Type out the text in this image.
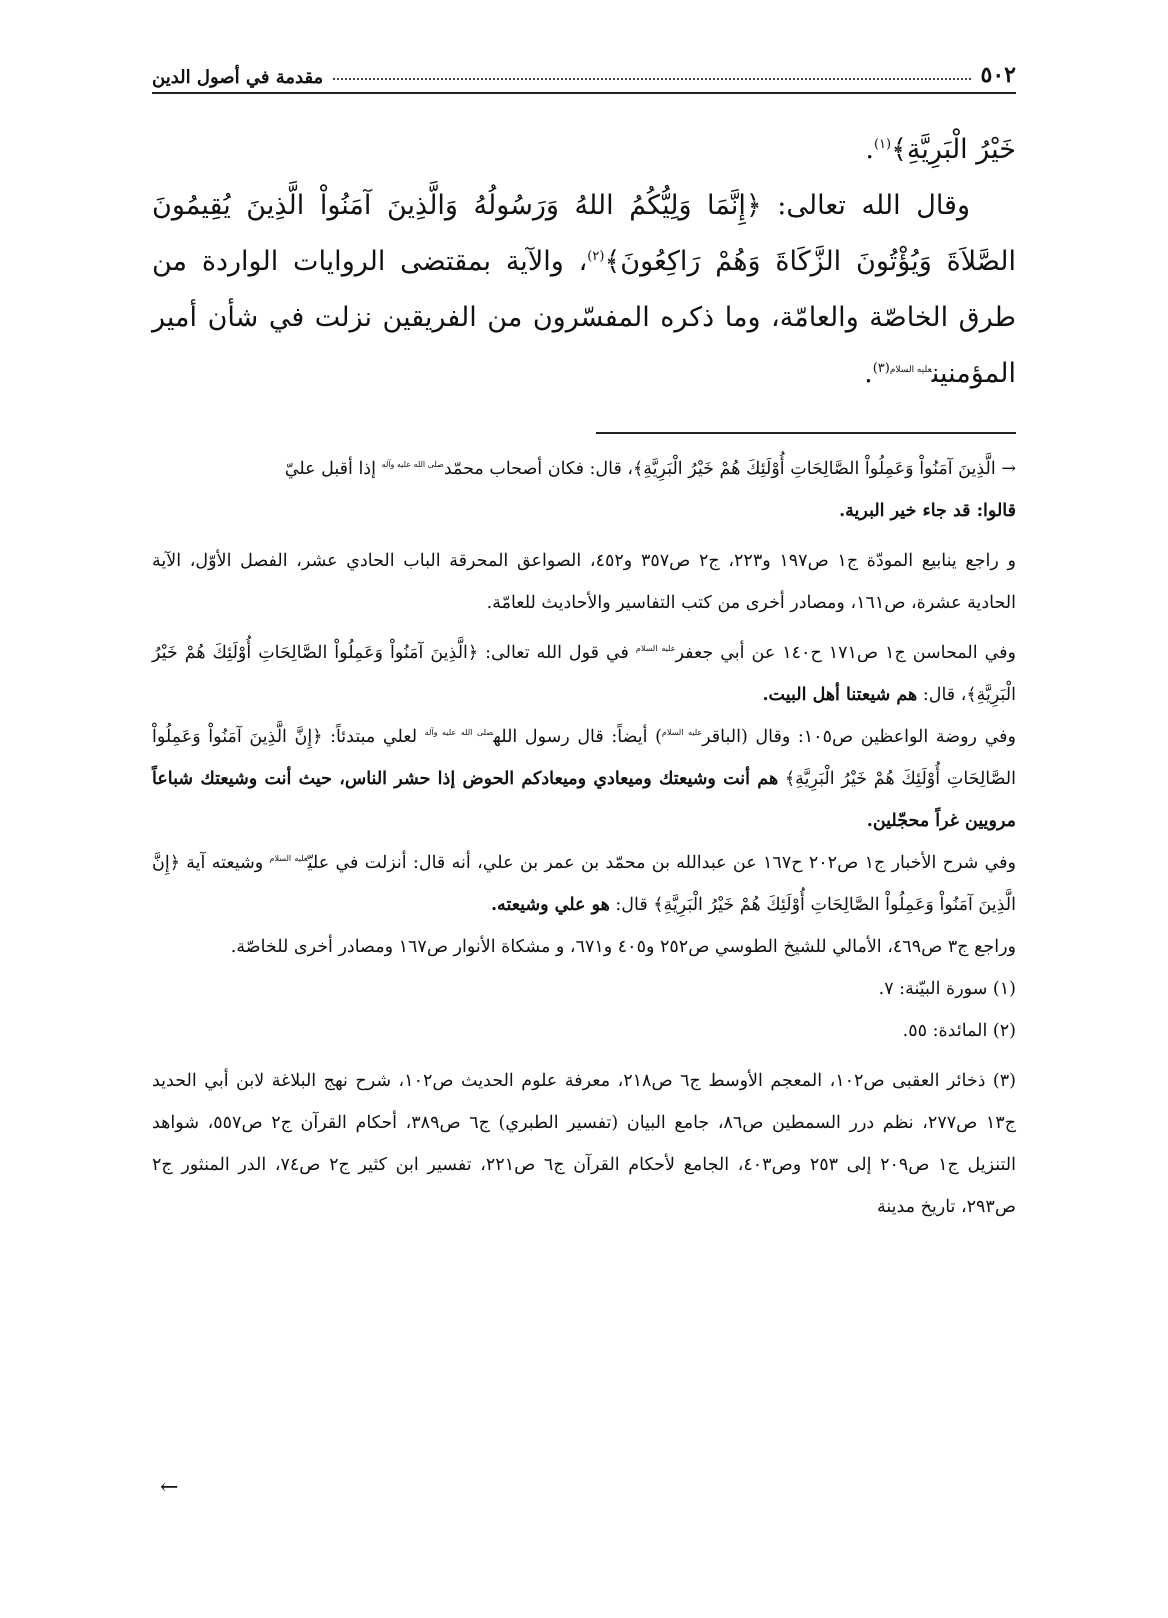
٥٠٢
مقدمة في أصول الدين

خَيْرُ الْبَرِيَّةِ﴾$^{(١)}$.

وقال الله تعالى: ﴿إِنَّمَا وَلِيُّكُمُ اللهُ وَرَسُولُهُ وَالَّذِينَ آمَنُواْ الَّذِينَ يُقِيمُونَ الصَّلاَةَ وَيُؤْتُونَ الزَّكَاةَ وَهُمْ رَاكِعُونَ﴾$^{(٢)}$، والآية بمقتضى الروايات الواردة من طرق الخاصّة والعامّة، وما ذكره المفسّرون من الفريقين نزلت في شأن أمير المؤمنين$^{عليه السلام(٣)}$.

→ الَّذِينَ آمَنُواْ وَعَمِلُواْ الصَّالِحَاتِ أُوْلَئِكَ هُمْ خَيْرُ الْبَرِيَّةِ﴾، قال: فكان أصحاب محمّد$^{صلى الله عليه وآله}$ إذا أقبل عليّ

قالوا: قد جاء خير البرية.

و راجع ينابيع المودّة ج١ ص١٩٧ و٢٢٣، ج٢ ص٣٥٧ و٤٥٢، الصواعق المحرقة الباب الحادي عشر، الفصل الأوّل، الآية الحادية عشرة، ص١٦١، ومصادر أخرى من كتب التفاسير والأحاديث للعامّة.

وفي المحاسن ج١ ص١٧١ ح١٤٠ عن أبي جعفر$^{عليه السلام}$ في قول الله تعالى: ﴿الَّذِينَ آمَنُواْ وَعَمِلُواْ الصَّالِحَاتِ أُوْلَئِكَ هُمْ خَيْرُ الْبَرِيَّةِ﴾، قال: هم شيعتنا أهل البيت.

وفي روضة الواعظين ص١٠٥: وقال (الباقر$^{عليه السلام}$) أيضاً: قال رسول الله$^{صلى الله عليه وآله}$ لعلي مبتدئاً: ﴿إِنَّ الَّذِينَ آمَنُواْ وَعَمِلُواْ الصَّالِحَاتِ أُوْلَئِكَ هُمْ خَيْرُ الْبَرِيَّةِ﴾ هم أنت وشيعتك وميعادي وميعادكم الحوض إذا حشر الناس، حيث أنت وشيعتك شباعاً مرويين غراً محجّلين.

وفي شرح الأخبار ج١ ص٢٠٢ ح١٦٧ عن عبدالله بن محمّد بن عمر بن علي، أنه قال: أنزلت في عليّ$^{عليه السلام}$ وشيعته آية ﴿إِنَّ الَّذِينَ آمَنُواْ وَعَمِلُواْ الصَّالِحَاتِ أُوْلَئِكَ هُمْ خَيْرُ الْبَرِيَّةِ﴾ قال: هو علي وشيعته.

وراجع ج٣ ص٤٦٩، الأمالي للشيخ الطوسي ص٢٥٢ و٤٠٥ و٦٧١، و مشكاة الأنوار ص١٦٧ ومصادر أخرى للخاصّة.

(١) سورة البيّنة: ٧.

(٢) المائدة: ٥٥.

(٣) ذخائر العقبى ص١٠٢، المعجم الأوسط ج٦ ص٢١٨، معرفة علوم الحديث ص١٠٢، شرح نهج البلاغة لابن أبي الحديد ج١٣ ص٢٧٧، نظم درر السمطين ص٨٦، جامع البيان (تفسير الطبري) ج٦ ص٣٨٩، أحكام القرآن ج٢ ص٥٥٧، شواهد التنزيل ج١ ص٢٠٩ إلى ٢٥٣ وص٤٠٣، الجامع لأحكام القرآن ج٦ ص٢٢١، تفسير ابن كثير ج٢ ص٧٤، الدر المنثور ج٢ ص٢٩٣، تاريخ مدينة

←
